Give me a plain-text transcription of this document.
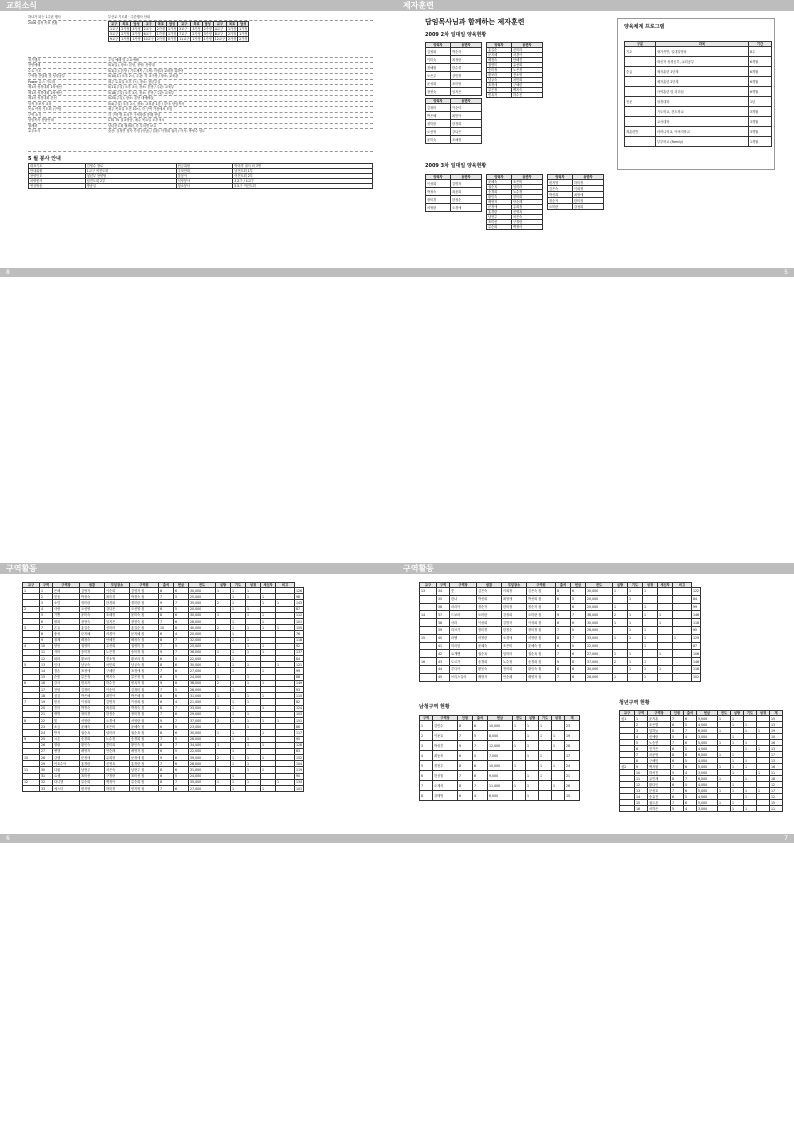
교회소식
하나가 되는 1주년 행사	부산교 기도회 · 주간행사 안내
2006 실적 목표 현황	교구	목표	달성	교구	목표	달성	교구	목표	달성	교구	목표	달성
1교구	2가정	3가정	2교구	2가정	1가정	3교구	3가정	2가정	4교구	1가정	1가정
5교구	2가정	2가정	6교구	1가정	1가정	7교구	2가정	3가정	8교구	2가정	1가정
9교구	1가정	1가정	10교구	2가정	0가정	11교구	1가정	1가정	12교구	2가정	2가정
정기행사	주일 예배 및 수요예배
찬양예배	5/1(일), 장소: 본당, 찬양: 찬양대
수요 기도	5/1(수): 본당 / 기도제목 / 주제: 가정과 교회를 위하여
구역장 간담회 및 성경공부	5/10(토) 오후 2시, 주관: 각 교구장 / 장소: 교육관
Power 유스 기도회	매주 토요일 오후 7시, 장소: 청년부실
제1차 성경대회 1차예선	5/11(주일) 오후 3시, 장소: 본당 / 주관: 교육부
제1차 성경대회 2차예선	5/18(주일) 오후 3시, 장소: 본당 / 주관: 교육부
제1차 성경대회 본선	5/25(주일), 장소: 본당 대예배실
임직 후보자 교육	5/4(주일) 오후 2시, 장소: 교육관 1층 / 강사: 담임목사
목요 여성 기도회 (구역)	매주 목요일 오전 10시, 각 구역 가정에서 모임
구역 소식	각 구역 별 소식은 구역장을 통해 전달
담임목사 상담안내	CTS TV 설교방송, 매주 목요일 오후 9시
월례회	남녀전도회 월례회, 각 부서별 보고
교우소식	출산: 김성민 집사 가정 (득남) / 입원: 이정희 권사 / 이사: 박영수 성도
5 월 봉사 안내
대표기도	김영수 장로	헌금위원	박미경 권사 외 3명
안내위원	1교구 여전도회	주차안내	남전도회 1부
찬양인도	청년부 찬양팀	꽃꽂이	여전도회 2부
차량봉사	남전도회 2부	식당봉사	3교구 / 4교구
영상방송	방송실	청소봉사	5교구 여전도회
8
제자훈련
담임목사님과 함께하는 제자훈련
2009 2차 일대일 양육현황
양육자	동반자
김영희	박순자
이미숙	최정란
정혜원	한수경
오은주	강민정
윤성희	조미영
장현숙	임지은
양육자	동반자
홍길순	신미라
문지혜	서경아
배정숙	안혜진
권영미	유선희
송미정	노은경
황보라	전소영
남궁숙	차민희
표정애	구혜련
류은정	백지숙
변옥자	하수진
양육자	동반자
김정미	이순덕
박은혜	최민아
정미란	한경희
오선영	강다은
윤미숙	조혜정
2009 3차 일대일 양육현황
양육자	동반자
이성희	김명자
박정숙	최윤희
장미경	한정순
서영란	오경애
양육자	동반자
윤혜숙	조은비
권순옥	임미라
송경희	노수정
황인숙	전미희
배영자	안순례
문정애	유희정
홍경란	신영옥
남현주	차은숙
표미선	구정란
류순희	백정아
양육자	동반자
변지영	하미경
김은숙	이희정
박선희	최영애
정순자	한미정
오미란	강정희
양육체계 프로그램
구분	과목	기간
기초	새가족반, 일대일양육	8주
	새신자 성경공부, 교리공부	6개월
중급	제자훈련 1단계	6개월
	제자훈련 2단계	6개월
	사역훈련 및 리더십	6개월
전문	성경대학	1년
	기도학교, 전도학교	3개월
	교사대학	3개월
재훈련반	어머니학교, 아버지학교	3개월
	부부학교 (Family)	1개월
5
구역활동
교구	구역	구역장	권찰	모임장소	구역원	출석	헌금	전도	심방	기도	성경	새신자	비고	
1	1	은혜	김영자	이순희	김영자 집	8	6	30,000	1	1	1			126
	2	믿음	박정숙	최미경	박정숙 집	7	5	25,000		1	1	1		98
	3	소망	정미란	한경희	정미란 집	9	7	35,000	2	1		1	1	143
2	4	사랑	오선영	강다은	오선영 집	6	5	20,000		1	1			87
	5	기쁨	윤미숙	조혜정	윤미숙 집	8	6	30,000	1		1	1		112
	6	평화	장현숙	임지은	장현숙 집	7	6	28,000		1		1		101
3	7	온유	홍길순	신미라	홍길순 집	10	8	40,000	2	1	1	1	1	155
	8	충성	문지혜	서경아	문지혜 집	6	4	20,000		1				76
	9	절제	배정숙	안혜진	배정숙 집	8	7	32,000	1	1	1			118
4	10	양선	권영미	유선희	권영미 집	7	5	25,000			1	1		92
	11	자비	송미정	노은경	송미정 집	9	7	36,000	1	1	1	1		137
	12	희락	황보라	전소영	황보라 집	6	5	22,000		1				84
5	13	인내	남궁숙	차민희	남궁숙 집	8	6	30,000	1	1	1		1	121
	14	겸손	표정애	구혜련	표정애 집	7	6	27,000		1		1		99
	15	순종	류은정	백지숙	류은정 집	6	5	24,000	1		1			88
6	16	감사	변옥자	하수진	변옥자 집	9	8	38,000	2	1	1	1		149
	17	찬양	김정미	이순덕	김정미 집	7	5	26,000		1				93
	18	섬김	박은혜	최민아	박은혜 집	8	6	31,000	1		1	1		115
7	19	헌신	이성희	김명자	이성희 집	6	4	21,000		1	1			82
	20	진리	박정숙	최윤희	박정숙 집	8	7	33,000	1	1		1		124
	21	생명	장미경	한정순	장미경 집	7	6	29,000		1	1			103
8	22	빛	서영란	오경애	서영란 집	9	7	37,000	2	1	1	1	1	151
	23	소금	윤혜숙	조은비	윤혜숙 집	6	5	23,000			1			86
	24	반석	권순옥	임미라	권순옥 집	8	6	30,000	1	1		1		117
9	25	시온	송경희	노수정	송경희 집	7	5	26,000		1	1			95
	26	엘림	황인숙	전미희	황인숙 집	8	7	34,000	1		1	1		128
	27	벧엘	배영자	안순례	배영자 집	6	5	22,000		1				83
10	28	갈렙	문정애	유희정	문정애 집	9	8	39,000	2	1	1	1		152
	29	여호수아	홍경란	신영옥	홍경란 집	7	6	28,000		1	1			104
11	30	다윗	남현주	차은숙	남현주 집	8	6	31,000	1		1	1		119
	31	요셉	표미선	구정란	표미선 집	6	5	24,000		1				90
12	32	다니엘	류순희	백정아	류순희 집	8	7	35,000	1	1	1		1	134
	33	에스더	변지영	하미경	변지영 집	7	6	27,000		1		1		101
6
구역활동
교구	구역	구역장	권찰	모임장소	구역원	출석	헌금	전도	심방	기도	성경	새신자	비고	
13	34	룻	김은숙	이희정	김은숙 집	8	6	30,000	1	1	1			122
	35	한나	박선희	최영애	박선희 집	6	5	20,000		1				84
	36	마리아	정순자	한미정	정순자 집	7	6	25,000	1		1			99
14	37	드보라	오미란	강정희	오미란 집	9	7	36,000	2	1	1	1		146
	38	사라	이성희	김명자	이성희 집	8	6	30,000	1	1		1		118
	39	리브가	장미경	한정순	장미경 집	7	5	26,000		1	1			95
15	40	라헬	서영란	오경애	서영란 집	8	7	33,000	1	1	1		1	129
	41	미리암	윤혜숙	조은비	윤혜숙 집	6	5	22,000			1			87
	42	요게벳	권순옥	임미라	권순옥 집	7	6	27,000	1	1		1		106
16	43	도르가	송경희	노수정	송경희 집	9	8	37,000	2	1	1			148
	44	루디아	황인숙	전미희	황인숙 집	8	6	30,000		1	1	1		116
	45	브리스길라	배영자	안순례	배영자 집	7	6	28,000	1		1			102
남청구역 현황
구역	구역장	인원	출석	헌금	전도	심방	기도	성경	계
1	김민수	8	6	10,000	1	1	1		23
2	이준호	7	5	8,000		1	1	1	19
3	박성진	9	7	12,000	1	1		1	28
4	최동욱	6	5	7,000		1	1		17
5	정현우	8	6	10,000	1		1	1	24
6	한상철	7	6	9,000		1	1		21
7	오재석	8	7	11,000	1	1		1	26
8	강태영	6	4	6,000		1			15
청년구역 현황
교구	구역	구역장	인원	출석	헌금	전도	심방	기도	성경	계
청1	1	윤지훈	7	6	5,000	1	1			15
	2	조은별	6	5	4,000		1	1		13
	3	임하늘	8	7	6,000	1		1	1	19
	4	신예린	5	4	3,000		1			10
	5	노승현	7	6	5,000	1	1	1		16
	6	전가은	6	5	4,000			1	1	13
	7	차준영	8	6	6,000	1	1			17
	8	구혜민	6	5	4,000		1	1		13
청2	9	백지원	7	6	5,000	1	1	1		16
	10	하서진	5	4	3,000		1		1	11
	11	유민재	8	7	6,000	1		1		18
	12	황다인	6	5	4,000		1			12
	13	문성호	7	6	5,000	1	1	1	1	17
	14	송유진	6	5	4,000			1		12
	15	권도윤	7	6	5,000	1	1			15
	16	서하은	5	4	3,000		1	1		11
7
